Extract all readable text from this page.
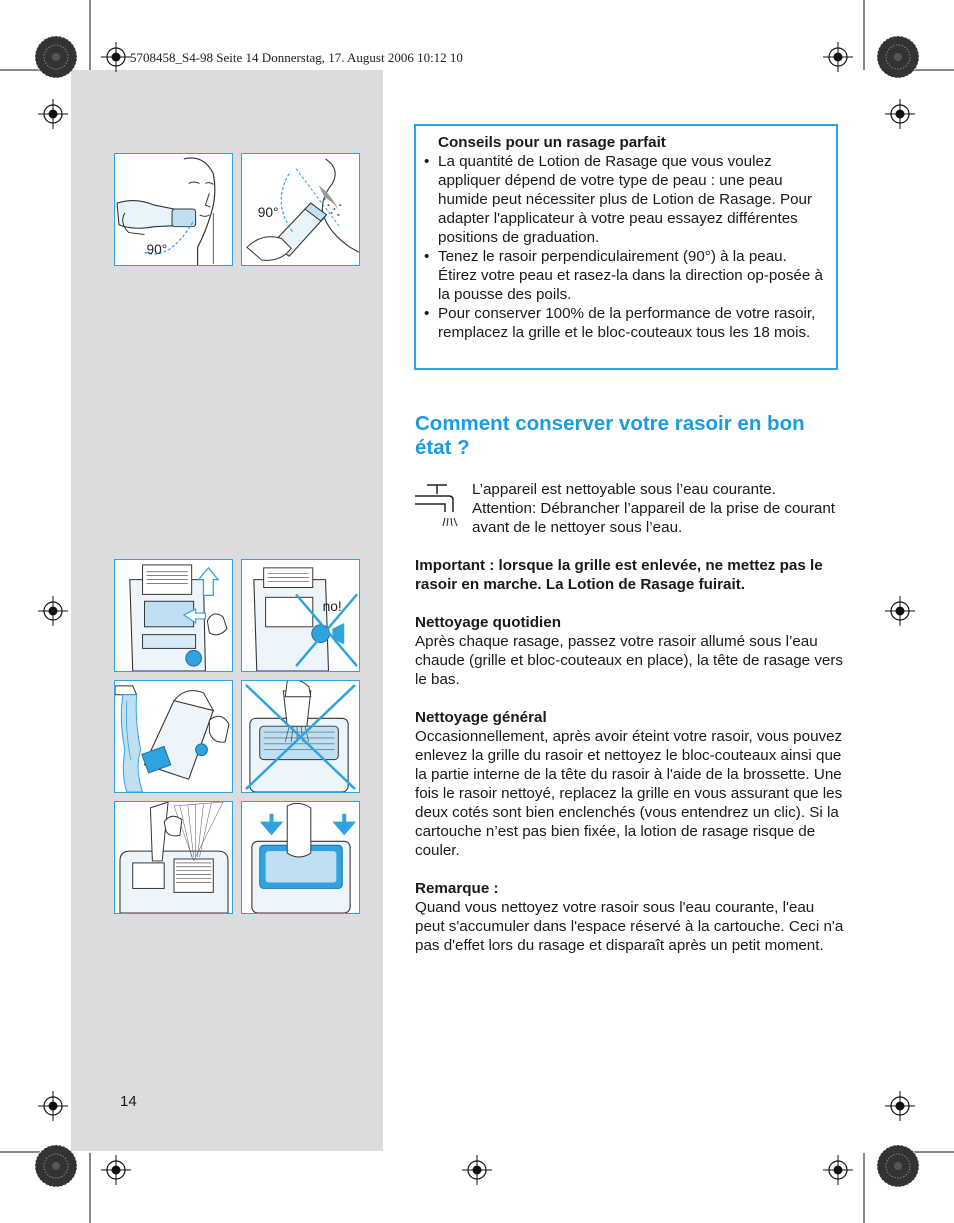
5708458_S4-98 Seite 14 Donnerstag, 17. August 2006 10:12 10
90°
90°
no!
Conseils pour un rasage parfait
• La quantité de Lotion de Rasage que vous voulez appliquer dépend de votre type de peau : une peau humide peut nécessiter plus de Lotion de Rasage. Pour adapter l'applicateur à votre peau essayez différentes positions de graduation.
• Tenez le rasoir perpendiculairement (90°) à la peau. Étirez votre peau et rasez-la dans la direction op-posée à la pousse des poils.
• Pour conserver 100% de la performance de votre rasoir, remplacez la grille et le bloc-couteaux tous les 18 mois.
Comment conserver votre rasoir en bon état ?
L’appareil est nettoyable sous l’eau courante. Attention: Débrancher l’appareil de la prise de courant avant de le nettoyer sous l’eau.

Important : lorsque la grille est enlevée, ne mettez pas le rasoir en marche. La Lotion de Rasage fuirait.

Nettoyage quotidien
Après chaque rasage, passez votre rasoir allumé sous l’eau chaude (grille et bloc-couteaux en place), la tête de rasage vers le bas.

Nettoyage général
Occasionnellement, après avoir éteint votre rasoir, vous pouvez enlevez la grille du rasoir et nettoyez le bloc-couteaux ainsi que la partie interne de la tête du rasoir à l'aide de la brossette. Une fois le rasoir nettoyé, replacez la grille en vous assurant que les deux cotés sont bien enclenchés (vous entendrez un clic). Si la cartouche n’est pas bien fixée, la lotion de rasage risque de couler.

Remarque :
Quand vous nettoyez votre rasoir sous l'eau courante, l'eau peut s'accumuler dans l'espace réservé à la cartouche. Ceci n'a pas d'effet lors du rasage et disparaît après un petit moment.

14
